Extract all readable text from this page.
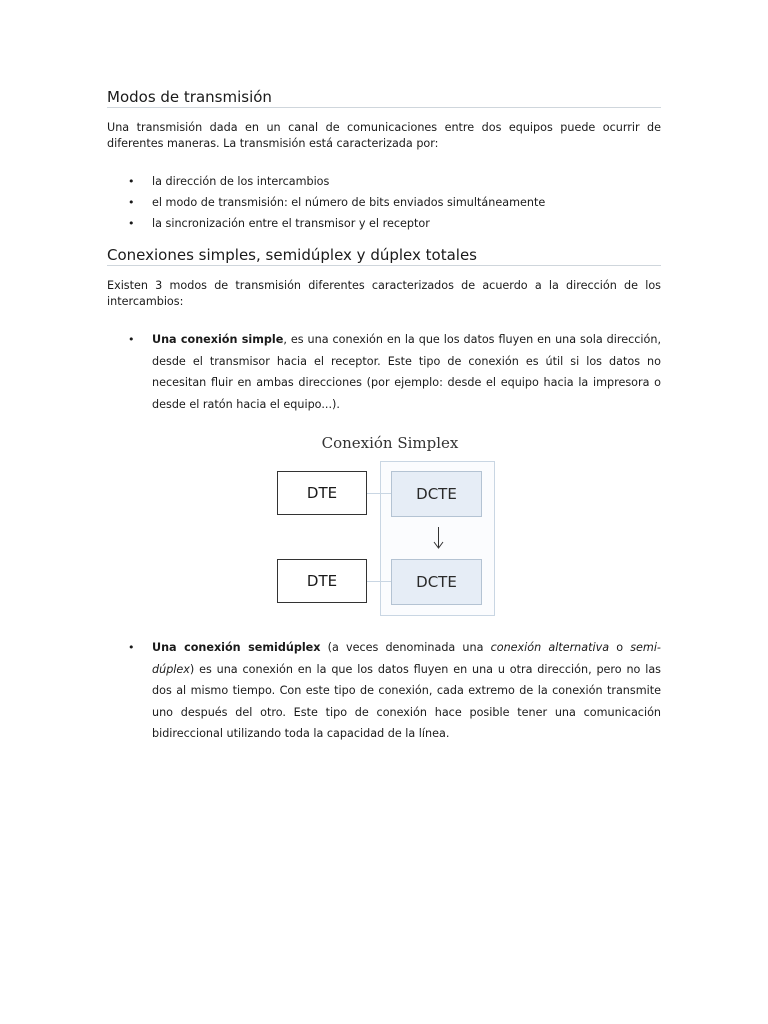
Modos de transmisión

Una transmisión dada en un canal de comunicaciones entre dos equipos puede ocurrir de diferentes maneras. La transmisión está caracterizada por:

• la dirección de los intercambios
• el modo de transmisión: el número de bits enviados simultáneamente
• la sincronización entre el transmisor y el receptor
Conexiones simples, semidúplex y dúplex totales

Existen 3 modos de transmisión diferentes caracterizados de acuerdo a la dirección de los intercambios:

• Una conexión simple, es una conexión en la que los datos fluyen en una sola dirección, desde el transmisor hacia el receptor. Este tipo de conexión es útil si los datos no necesitan fluir en ambas direcciones (por ejemplo: desde el equipo hacia la impresora o desde el ratón hacia el equipo...).
• Una conexión semidúplex (a veces denominada una conexión alternativa o semi-dúplex) es una conexión en la que los datos fluyen en una u otra dirección, pero no las dos al mismo tiempo. Con este tipo de conexión, cada extremo de la conexión transmite uno después del otro. Este tipo de conexión hace posible tener una comunicación bidireccional utilizando toda la capacidad de la línea.
Conexión Simplex
DTE	DCTE
DTE	DCTE
